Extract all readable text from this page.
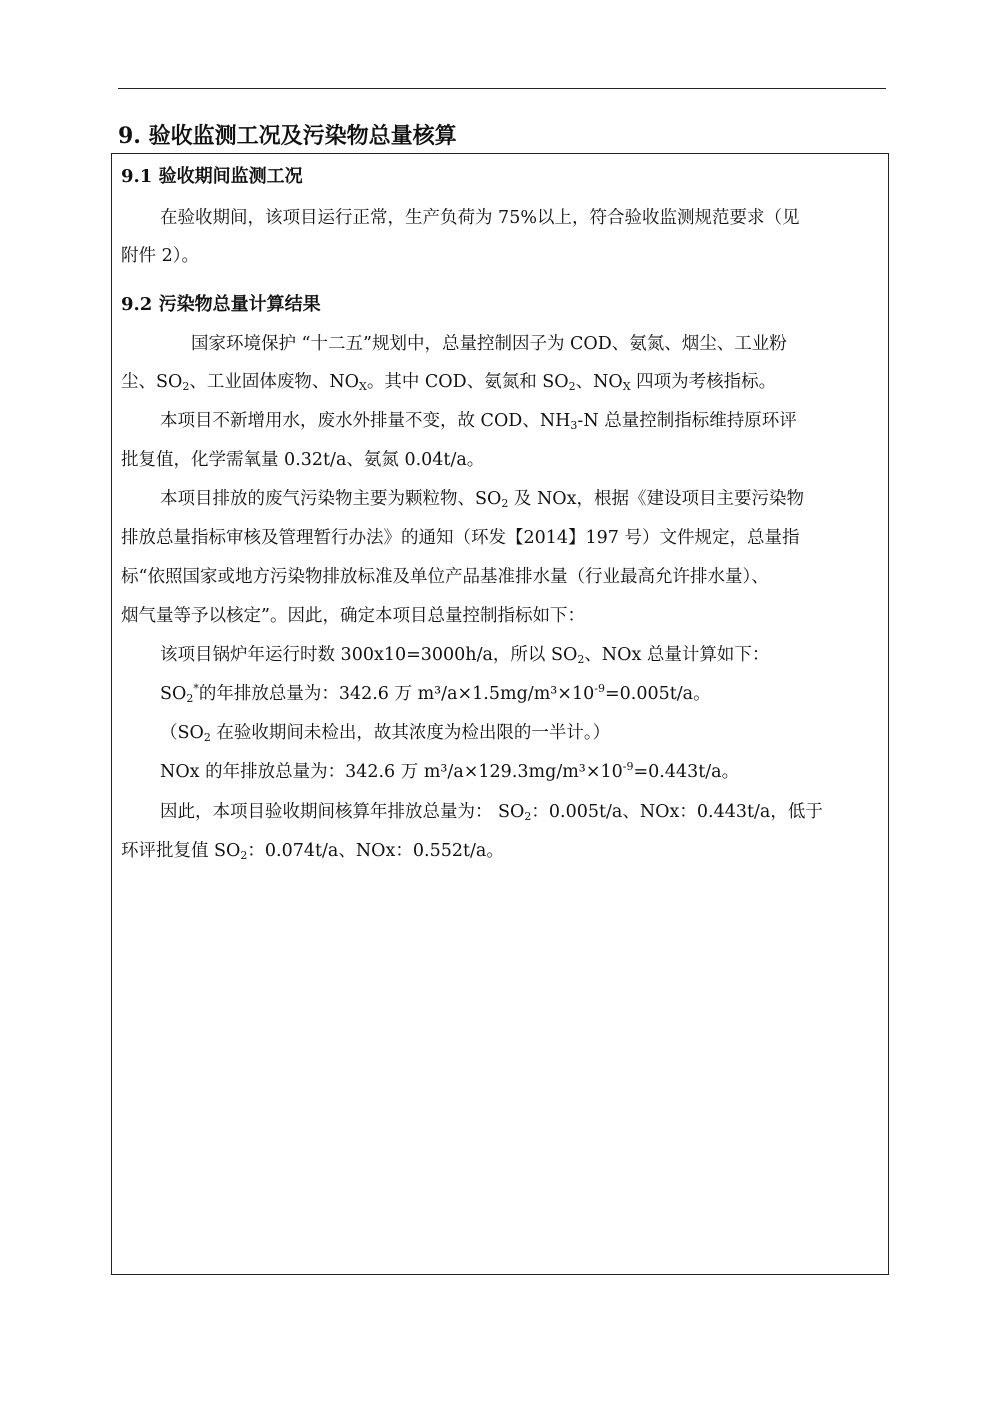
9. 验收监测工况及污染物总量核算
9.1 验收期间监测工况
在验收期间，该项目运行正常，生产负荷为 75%以上，符合验收监测规范要求（见
附件 2）。
9.2 污染物总量计算结果
国家环境保护 “十二五”规划中，总量控制因子为 COD、氨氮、烟尘、工业粉
尘、$SO_2$、工业固体废物、$NO_X$。其中 COD、氨氮和 $SO_2$、$NO_X$ 四项为考核指标。
本项目不新增用水，废水外排量不变，故 COD、$NH_3-N$ 总量控制指标维持原环评
批复值，化学需氧量 0.32t/a、氨氮 0.04t/a。
本项目排放的废气污染物主要为颗粒物、$SO_2$ 及 NOx，根据《建设项目主要污染物
排放总量指标审核及管理暂行办法》的通知（环发【2014】197 号）文件规定，总量指
标“依照国家或地方污染物排放标准及单位产品基准排水量（行业最高允许排水量）、
烟气量等予以核定”。因此，确定本项目总量控制指标如下：
该项目锅炉年运行时数 300x10=3000h/a，所以 $SO_2$、NOx 总量计算如下：
$SO_2^*$的年排放总量为：342.6 万 $m^3/a\times 1.5mg/m^3\times 10^{-9}=0.005t/a$。
（$SO_2$ 在验收期间未检出，故其浓度为检出限的一半计。）
NOx 的年排放总量为：342.6 万 $m^3/a\times 129.3mg/m^3\times 10^{-9}=0.443t/a$。
因此，本项目验收期间核算年排放总量为： $SO_2$：0.005t/a、NOx：0.443t/a，低于
环评批复值 $SO_2$：0.074t/a、NOx：0.552t/a。
